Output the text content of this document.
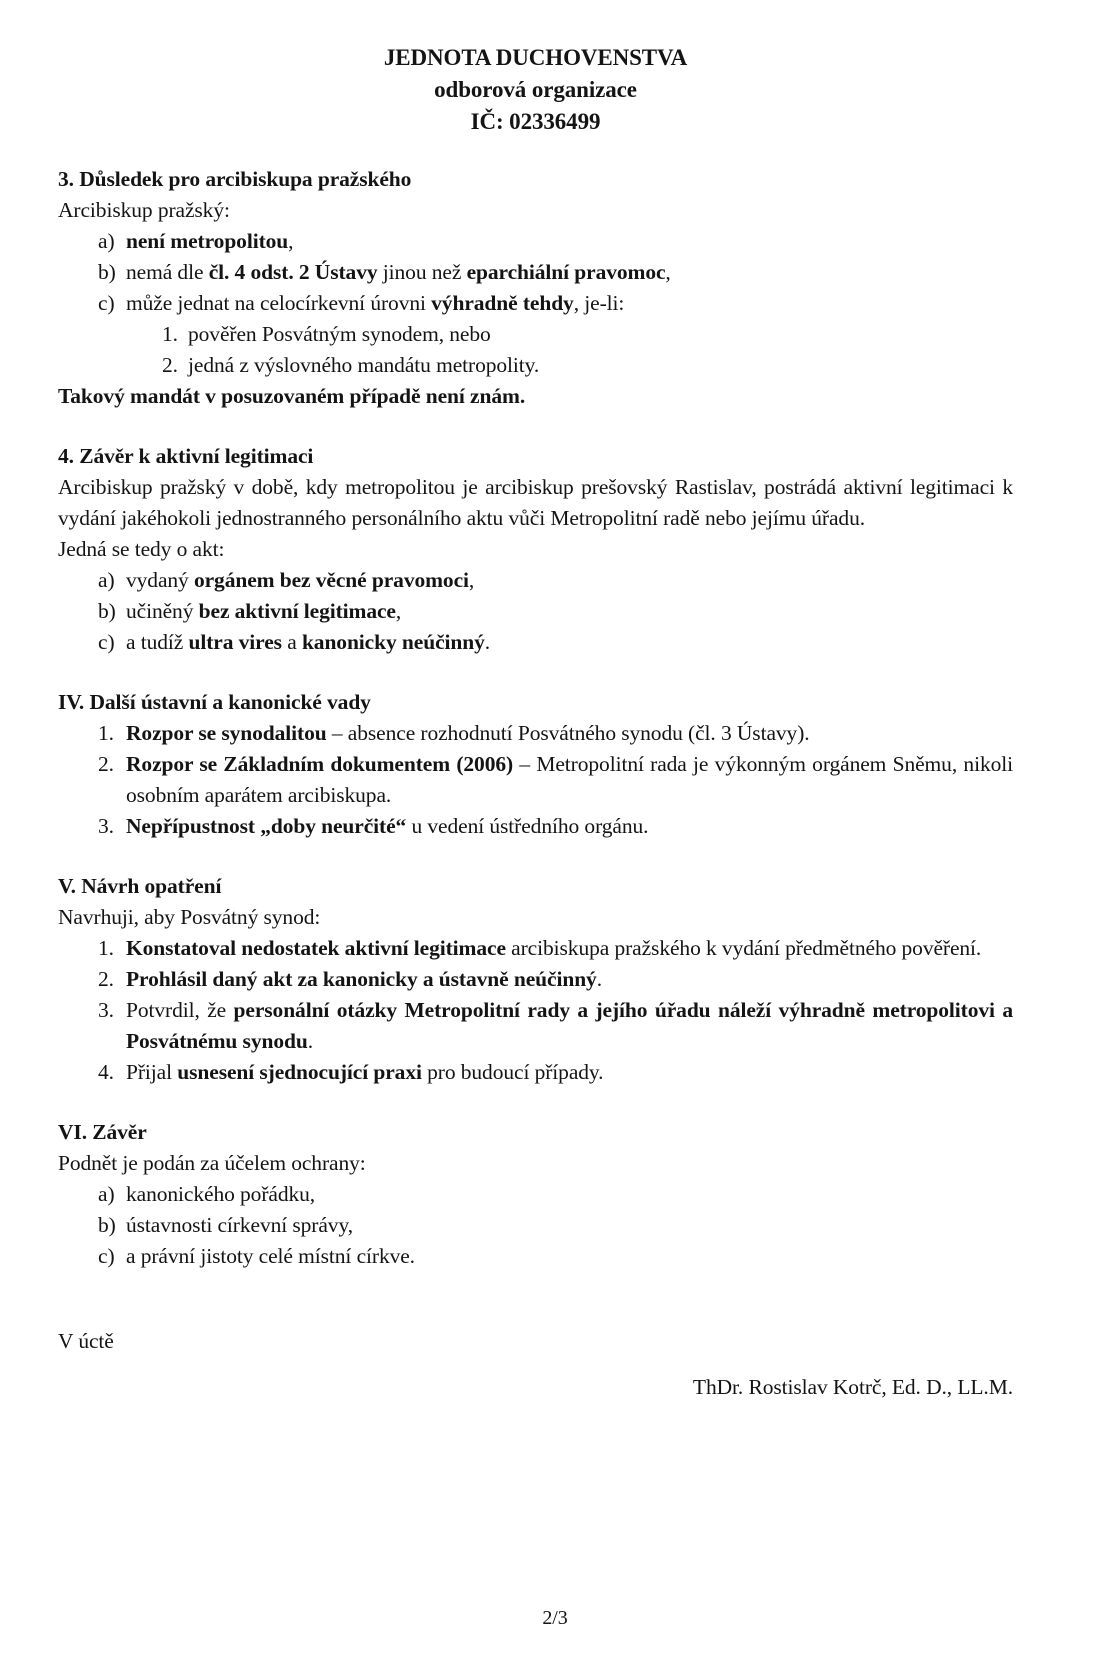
JEDNOTA DUCHOVENSTVA
odborová organizace
IČ: 02336499
3. Důsledek pro arcibiskupa pražského
Arcibiskup pražský:
a) není metropolitou,
b) nemá dle čl. 4 odst. 2 Ústavy jinou než eparchiální pravomoc,
c) může jednat na celocírkevní úrovni výhradně tehdy, je-li:
1. pověřen Posvátným synodem, nebo
2. jedná z výslovného mandátu metropolity.
Takový mandát v posuzovaném případě není znám.
4. Závěr k aktivní legitimaci
Arcibiskup pražský v době, kdy metropolitou je arcibiskup prešovský Rastislav, postrádá aktivní legitimaci k vydání jakéhokoli jednostranného personálního aktu vůči Metropolitní radě nebo jejímu úřadu.
Jedná se tedy o akt:
a) vydaný orgánem bez věcné pravomoci,
b) učiněný bez aktivní legitimace,
c) a tudíž ultra vires a kanonicky neúčinný.
IV. Další ústavní a kanonické vady
1. Rozpor se synodalitou – absence rozhodnutí Posvátného synodu (čl. 3 Ústavy).
2. Rozpor se Základním dokumentem (2006) – Metropolitní rada je výkonným orgánem Sněmu, nikoli osobním aparátem arcibiskupa.
3. Nepřípustnost „doby neurčité“ u vedení ústředního orgánu.
V. Návrh opatření
Navrhuji, aby Posvátný synod:
1. Konstatoval nedostatek aktivní legitimace arcibiskupa pražského k vydání předmětného pověření.
2. Prohlásil daný akt za kanonicky a ústavně neúčinný.
3. Potvrdil, že personální otázky Metropolitní rady a jejího úřadu náleží výhradně metropolitovi a Posvátnému synodu.
4. Přijal usnesení sjednocující praxi pro budoucí případy.
VI. Závěr
Podnět je podán za účelem ochrany:
a) kanonického pořádku,
b) ústavnosti církevní správy,
c) a právní jistoty celé místní církve.
V úctě
ThDr. Rostislav Kotrč, Ed. D., LL.M.
2/3
